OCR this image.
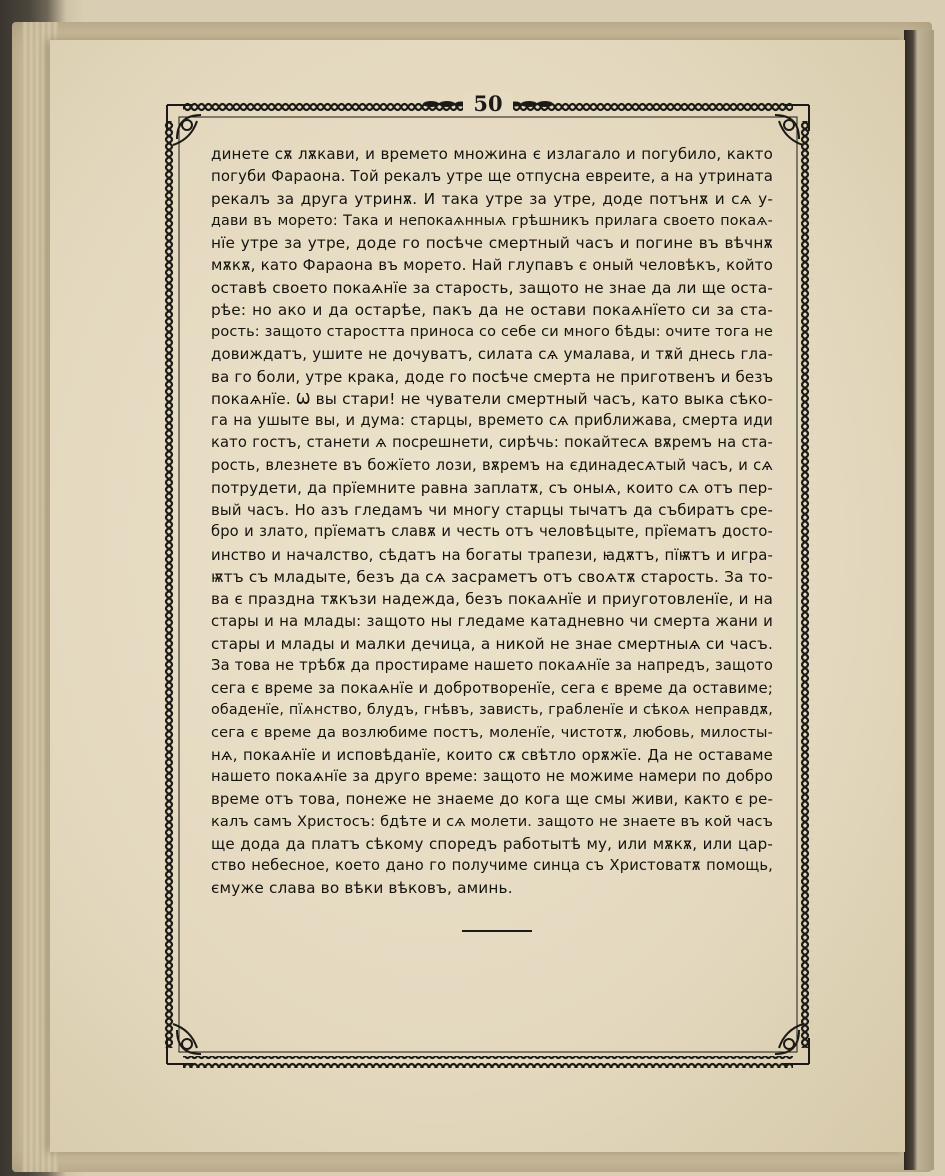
50
динете сѫ лѫкави, и времето множина є излагало и погубило, както
погуби Фараона. Той рекалъ утре ще отпусна евреите, а на утрината
рекалъ за друга утринѫ. И така утре за утре, доде потънѫ и сѧ у-
дави въ морето: Така и непокаѧнныѧ грѣшникъ прилага своето покаѧ-
нїе утре за утре, доде го посѣче смертный часъ и погине въ вѣчнѫ
мѫкѫ, като Фараона въ морето. Най глупавъ є оный человѣкъ, който
оставѣ своето покаѧнїе за старость, защото не знае да ли ще оста-
рѣе: но ако и да остарѣе, пакъ да не остави покаѧнїето си за ста-
рость: защото старостта приноса со себе си много бѣды: очите тога не
довиждатъ, ушите не дочуватъ, силата сѧ умалава, и тѫй днесь гла-
ва го боли, утре крака, доде го посѣче смерта не приготвенъ и безъ
покаѧнїе. Ѡ вы стари! не чуватели смертный часъ, като выка сѣко-
га на ушыте вы, и дума: старцы, времето сѧ приближава, смерта иди
като гостъ, станети ѧ посрешнети, сирѣчь: покайтесѧ вѫремъ на ста-
рость, влезнете въ божїето лози, вѫремъ на єдинадесѧтый часъ, и сѧ
потрудети, да прїемните равна заплатѫ, съ оныѧ, които сѧ отъ пер-
вый часъ. Но азъ гледамъ чи многу старцы тычатъ да събиратъ сре-
бро и злато, прїематъ славѫ и честь отъ человѣцыте, прїематъ досто-
инство и началство, сѣдатъ на богаты трапези, ꙗдѫтъ, пїѭтъ и игра-
ѭтъ съ младыте, безъ да сѧ засраметъ отъ своѧтѫ старость. За то-
ва є праздна тѫкъзи надежда, безъ покаѧнїе и приуготовленїе, и на
стары и на млады: защото ны гледаме катадневно чи смерта жани и
стары и млады и малки дечица, а никой не знаe смертныѧ си часъ.
За това не трѣбѫ да простираме нашето покаѧнїе за напредъ, защото
сега є време за покаѧнїе и добротворенїе, сега є време да оставиме;
обаденїе, пїѧнство, блудъ, гнѣвъ, зависть, грабленїе и сѣкоѧ неправдѫ,
сега є време да возлюбиме постъ, моленїе, чистотѫ, любовь, милосты-
нѧ, покаѧнїе и исповѣданїе, които сѫ свѣтло орѫжїе. Да не оставаме
нашето покаѧнїе за другo време: защото не можиме намери по добро
време отъ това, понеже не знаеме до кога ще смы живи, както є ре-
калъ самъ Христосъ: бдѣте и сѧ молети. защото не знаете въ кой часъ
ще дода да платъ сѣкому споредъ работытѣ му, или мѫкѫ, или цар-
ство небесное, което дано го получиме синца съ Христоватѫ помощь,
ємуже слава во вѣки вѣковъ, аминь.
